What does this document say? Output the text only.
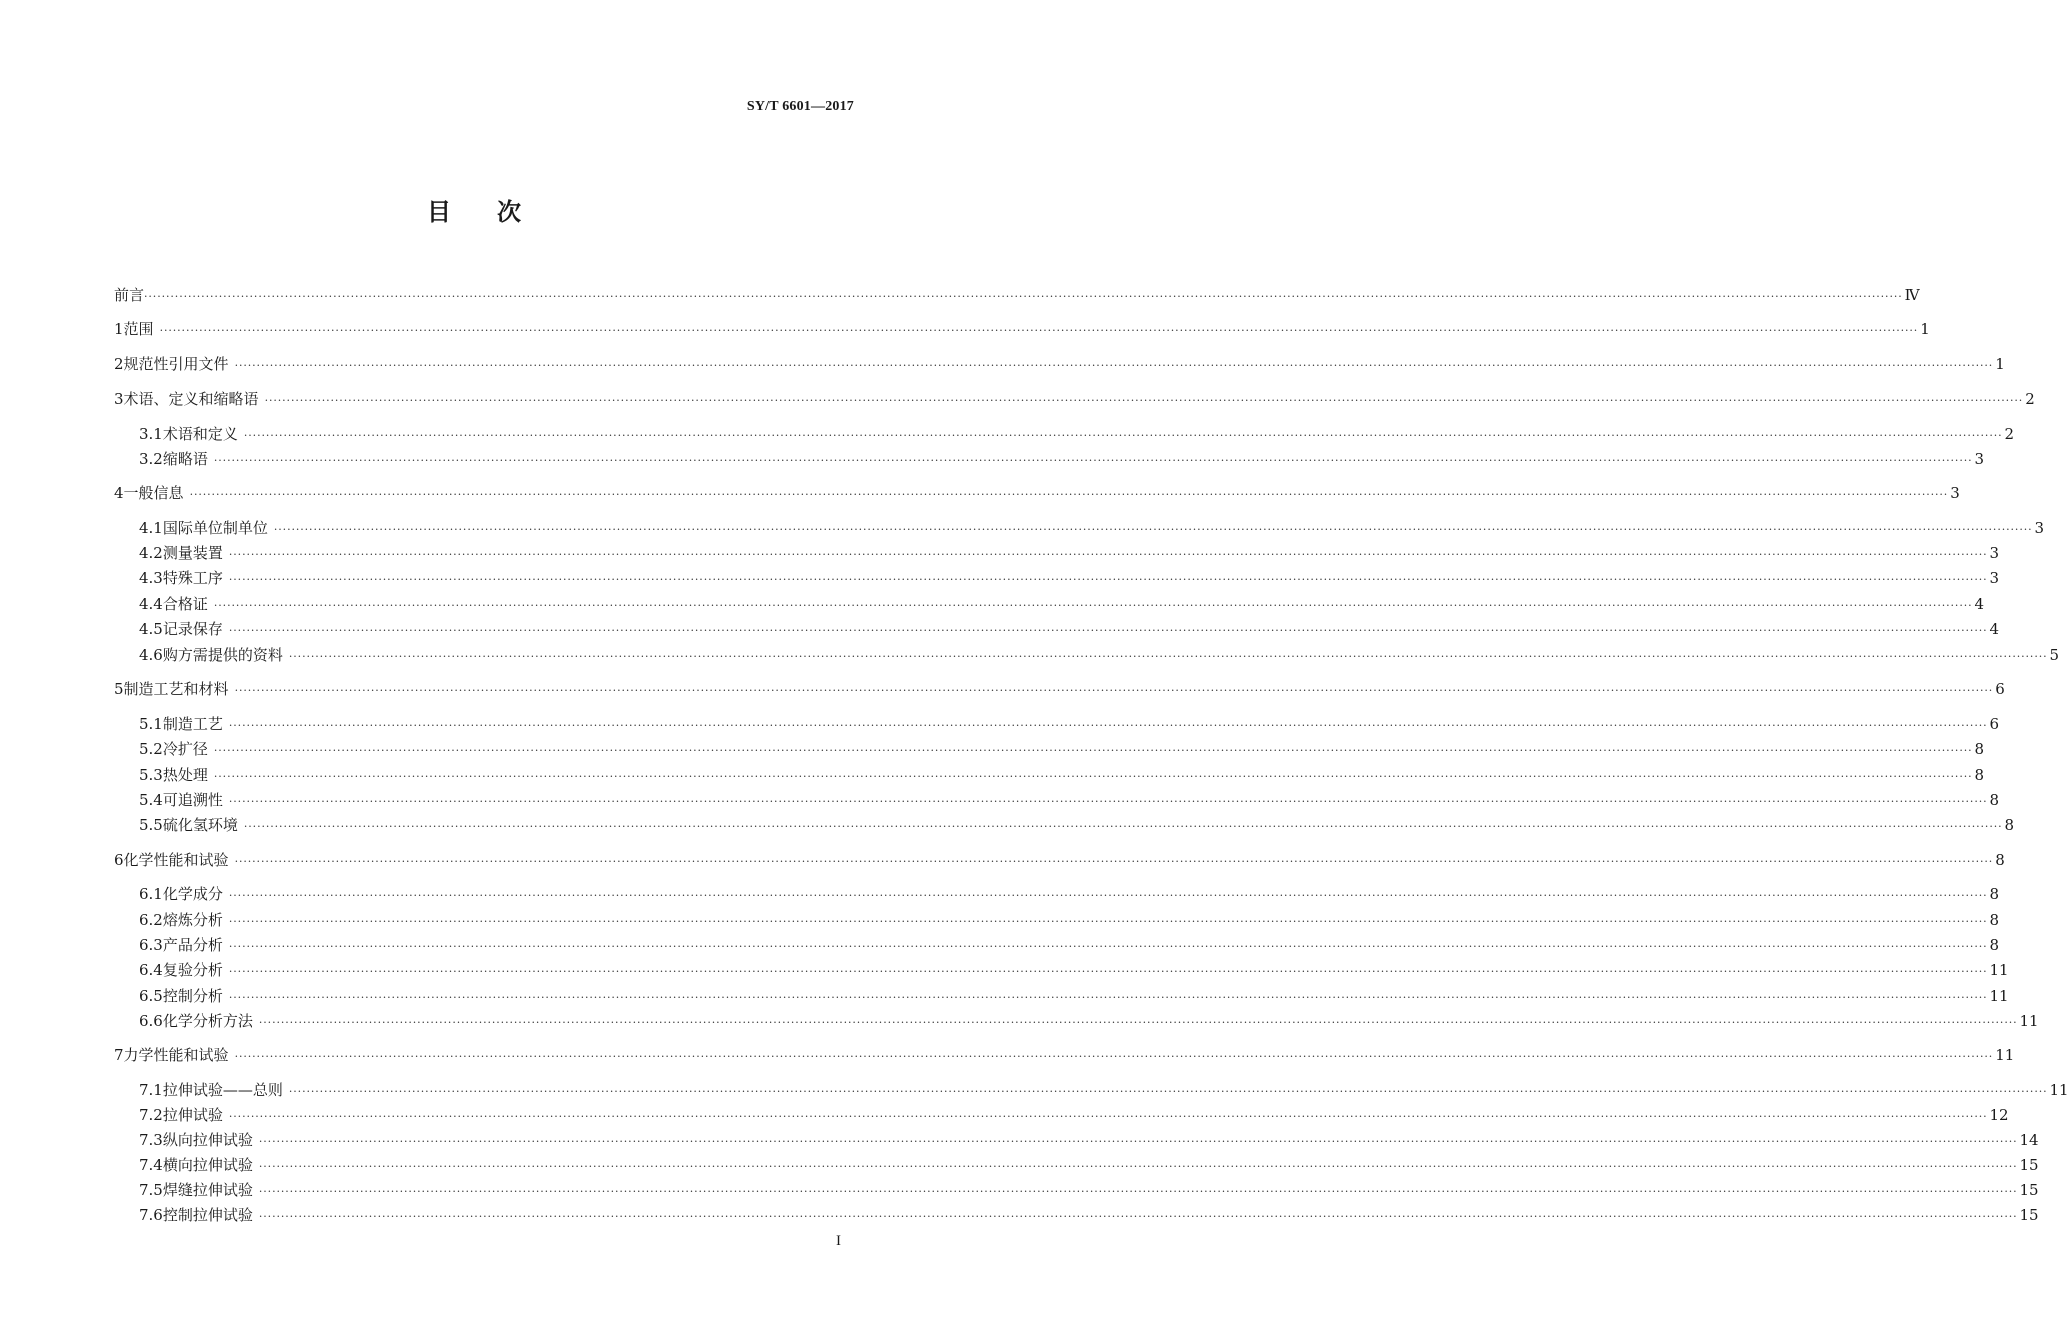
SY/T 6601—2017
目 次
前言 ················································································································································································································································································································································································································ Ⅳ
1 范围 ················································································································································································································································································································································································································ 1
2 规范性引用文件 ················································································································································································································································································································································································································ 1
3 术语、定义和缩略语 ················································································································································································································································································································································································································ 2
3.1 术语和定义 ················································································································································································································································································································································································································ 2
3.2 缩略语 ················································································································································································································································································································································································································ 3
4 一般信息 ················································································································································································································································································································································································································ 3
4.1 国际单位制单位 ················································································································································································································································································································································································································ 3
4.2 测量装置 ················································································································································································································································································································································································································ 3
4.3 特殊工序 ················································································································································································································································································································································································································ 3
4.4 合格证 ················································································································································································································································································································································································································ 4
4.5 记录保存 ················································································································································································································································································································································································································ 4
4.6 购方需提供的资料 ················································································································································································································································································································································································································ 5
5 制造工艺和材料 ················································································································································································································································································································································································································ 6
5.1 制造工艺 ················································································································································································································································································································································································································ 6
5.2 冷扩径 ················································································································································································································································································································································································································ 8
5.3 热处理 ················································································································································································································································································································································································································ 8
5.4 可追溯性 ················································································································································································································································································································································································································ 8
5.5 硫化氢环境 ················································································································································································································································································································································································································ 8
6 化学性能和试验 ················································································································································································································································································································································································································ 8
6.1 化学成分 ················································································································································································································································································································································································································ 8
6.2 熔炼分析 ················································································································································································································································································································································································································ 8
6.3 产品分析 ················································································································································································································································································································································································································ 8
6.4 复验分析 ················································································································································································································································································································································································································ 11
6.5 控制分析 ················································································································································································································································································································································································································ 11
6.6 化学分析方法 ················································································································································································································································································································································································································ 11
7 力学性能和试验 ················································································································································································································································································································································································································ 11
7.1 拉伸试验——总则 ················································································································································································································································································································································································································ 11
7.2 拉伸试验 ················································································································································································································································································································································································································ 12
7.3 纵向拉伸试验 ················································································································································································································································································································································································································ 14
7.4 横向拉伸试验 ················································································································································································································································································································································································································ 15
7.5 焊缝拉伸试验 ················································································································································································································································································································································································································ 15
7.6 控制拉伸试验 ················································································································································································································································································································································································································ 15
I
